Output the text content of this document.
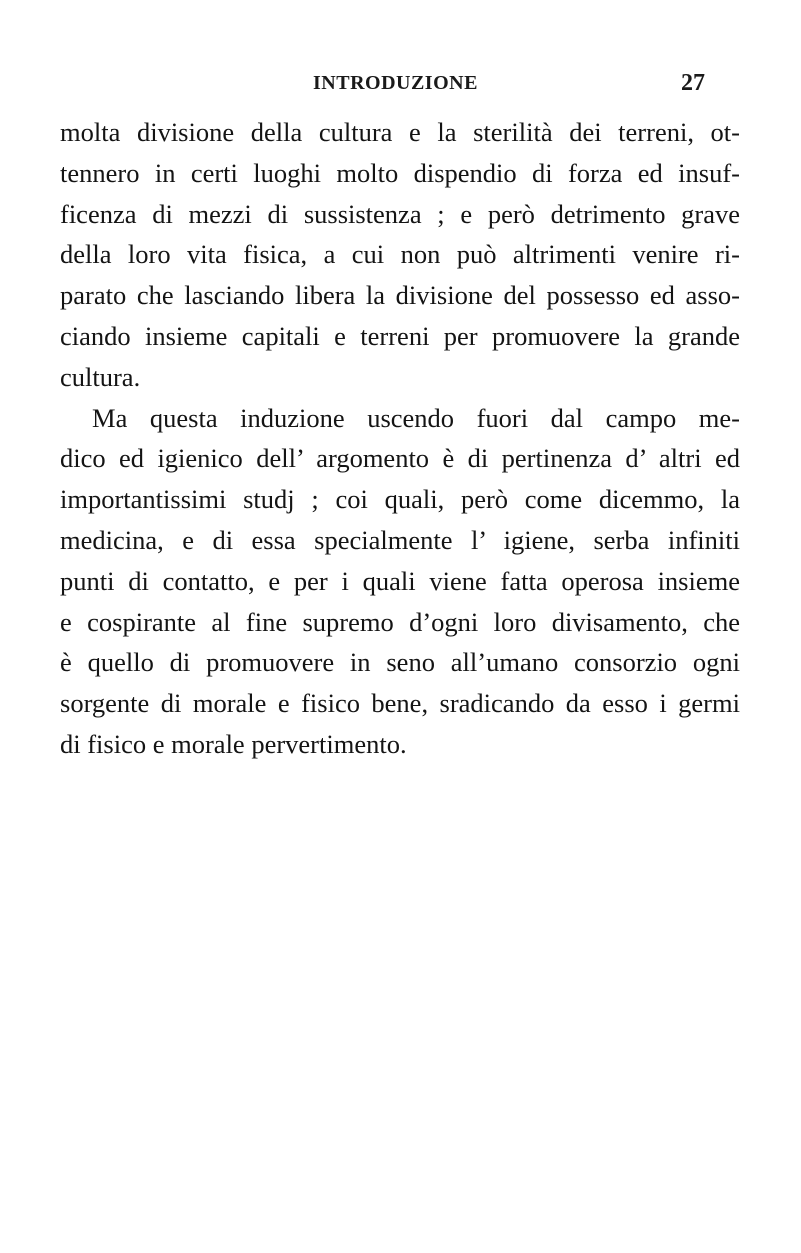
INTRODUZIONE	27
molta divisione della cultura e la sterilità dei terreni, ot-
tennero in certi luoghi molto dispendio di forza ed insuf-
ficenza di mezzi di sussistenza ; e però detrimento grave
della loro vita fisica, a cui non può altrimenti venire ri-
parato che lasciando libera la divisione del possesso ed asso-
ciando insieme capitali e terreni per promuovere la grande
cultura.
Ma questa induzione uscendo fuori dal campo me-
dico ed igienico dell’ argomento è di pertinenza d’ altri ed
importantissimi studj ; coi quali, però come dicemmo, la
medicina, e di essa specialmente l’ igiene, serba infiniti
punti di contatto, e per i quali viene fatta operosa insieme
e cospirante al fine supremo d’ogni loro divisamento, che
è quello di promuovere in seno all’umano consorzio ogni
sorgente di morale e fisico bene, sradicando da esso i germi
di fisico e morale pervertimento.
